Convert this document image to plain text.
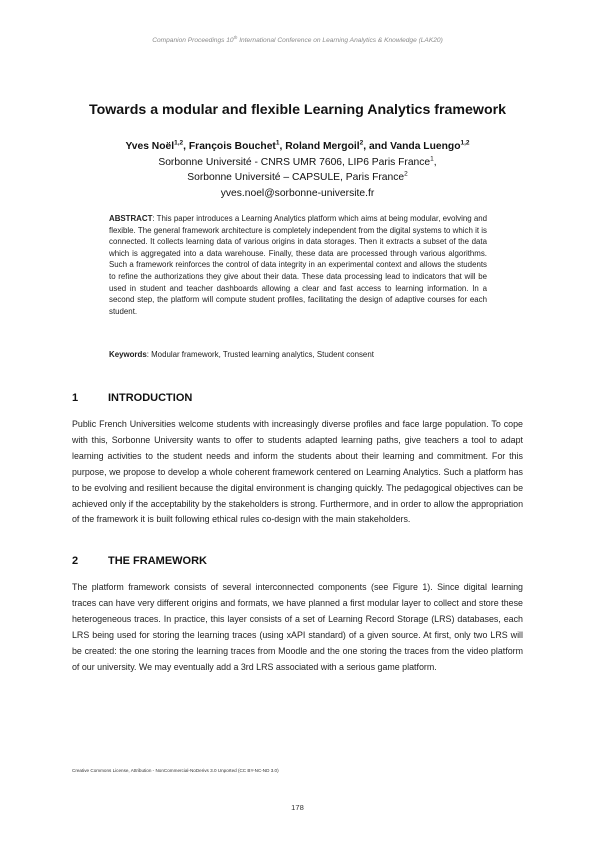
Companion Proceedings 10th International Conference on Learning Analytics & Knowledge (LAK20)
Towards a modular and flexible Learning Analytics framework
Yves Noël$^{1,2}$, François Bouchet$^1$, Roland Mergoil$^2$, and Vanda Luengo$^{1,2}$
Sorbonne Université - CNRS UMR 7606, LIP6 Paris France$^1$,
Sorbonne Université – CAPSULE, Paris France$^2$
yves.noel@sorbonne-universite.fr
ABSTRACT: This paper introduces a Learning Analytics platform which aims at being modular, evolving and flexible. The general framework architecture is completely independent from the digital systems to which it is connected. It collects learning data of various origins in data storages. Then it extracts a subset of the data which is aggregated into a data warehouse. Finally, these data are processed through various algorithms. Such a framework reinforces the control of data integrity in an experimental context and allows the students to refine the authorizations they give about their data. These data processing lead to indicators that will be used in student and teacher dashboards allowing a clear and fast access to learning information. In a second step, the platform will compute student profiles, facilitating the design of adaptive courses for each student.
Keywords: Modular framework, Trusted learning analytics, Student consent
1	INTRODUCTION
Public French Universities welcome students with increasingly diverse profiles and face large population. To cope with this, Sorbonne University wants to offer to students adapted learning paths, give teachers a tool to adapt learning activities to the student needs and inform the students about their learning and commitment. For this purpose, we propose to develop a whole coherent framework centered on Learning Analytics. Such a platform has to be evolving and resilient because the digital environment is changing quickly. The pedagogical objectives can be achieved only if the acceptability by the stakeholders is strong. Furthermore, and in order to allow the appropriation of the framework it is built following ethical rules co-design with the main stakeholders.
2	THE FRAMEWORK
The platform framework consists of several interconnected components (see Figure 1). Since digital learning traces can have very different origins and formats, we have planned a first modular layer to collect and store these heterogeneous traces. In practice, this layer consists of a set of Learning Record Storage (LRS) databases, each LRS being used for storing the learning traces (using xAPI standard) of a given source. At first, only two LRS will be created: the one storing the learning traces from Moodle and the one storing the traces from the video platform of our university. We may eventually add a 3rd LRS associated with a serious game platform.
Creative Commons License, Attribution - NonCommercial-NoDerivs 3.0 Unported (CC BY-NC-ND 3.0)
178
